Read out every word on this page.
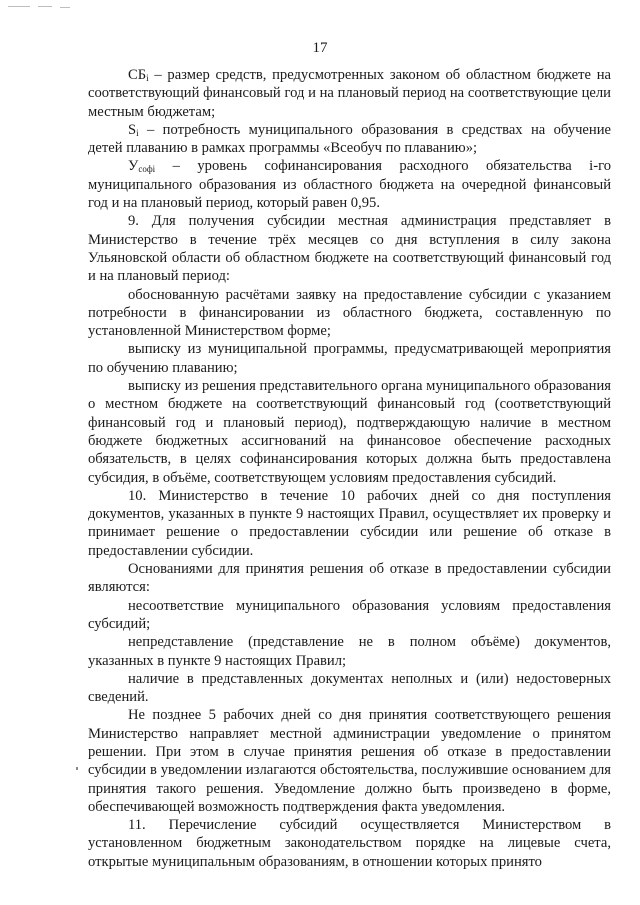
17

$СБ_i$ – размер средств, предусмотренных законом об областном бюджете на соответствующий финансовый год и на плановый период на соответствующие цели местным бюджетам;

$S_i$ – потребность муниципального образования в средствах на обучение детей плаванию в рамках программы «Всеобуч по плаванию»;

$У_{софi}$ – уровень софинансирования расходного обязательства i-го муниципального образования из областного бюджета на очередной финансовый год и на плановый период, который равен 0,95.

9. Для получения субсидии местная администрация представляет в Министерство в течение трёх месяцев со дня вступления в силу закона Ульяновской области об областном бюджете на соответствующий финансовый год и на плановый период:

обоснованную расчётами заявку на предоставление субсидии с указанием потребности в финансировании из областного бюджета, составленную по установленной Министерством форме;

выписку из муниципальной программы, предусматривающей мероприятия по обучению плаванию;

выписку из решения представительного органа муниципального образования о местном бюджете на соответствующий финансовый год (соответствующий финансовый год и плановый период), подтверждающую наличие в местном бюджете бюджетных ассигнований на финансовое обеспечение расходных обязательств, в целях софинансирования которых должна быть предоставлена субсидия, в объёме, соответствующем условиям предоставления субсидий.

10. Министерство в течение 10 рабочих дней со дня поступления документов, указанных в пункте 9 настоящих Правил, осуществляет их проверку и принимает решение о предоставлении субсидии или решение об отказе в предоставлении субсидии.

Основаниями для принятия решения об отказе в предоставлении субсидии являются:

несоответствие муниципального образования условиям предоставления субсидий;

непредставление (представление не в полном объёме) документов, указанных в пункте 9 настоящих Правил;

наличие в представленных документах неполных и (или) недостоверных сведений.

Не позднее 5 рабочих дней со дня принятия соответствующего решения Министерство направляет местной администрации уведомление о принятом решении. При этом в случае принятия решения об отказе в предоставлении субсидии в уведомлении излагаются обстоятельства, послужившие основанием для принятия такого решения. Уведомление должно быть произведено в форме, обеспечивающей возможность подтверждения факта уведомления.

11. Перечисление субсидий осуществляется Министерством в установленном бюджетным законодательством порядке на лицевые счета, открытые муниципальным образованиям, в отношении которых принято
